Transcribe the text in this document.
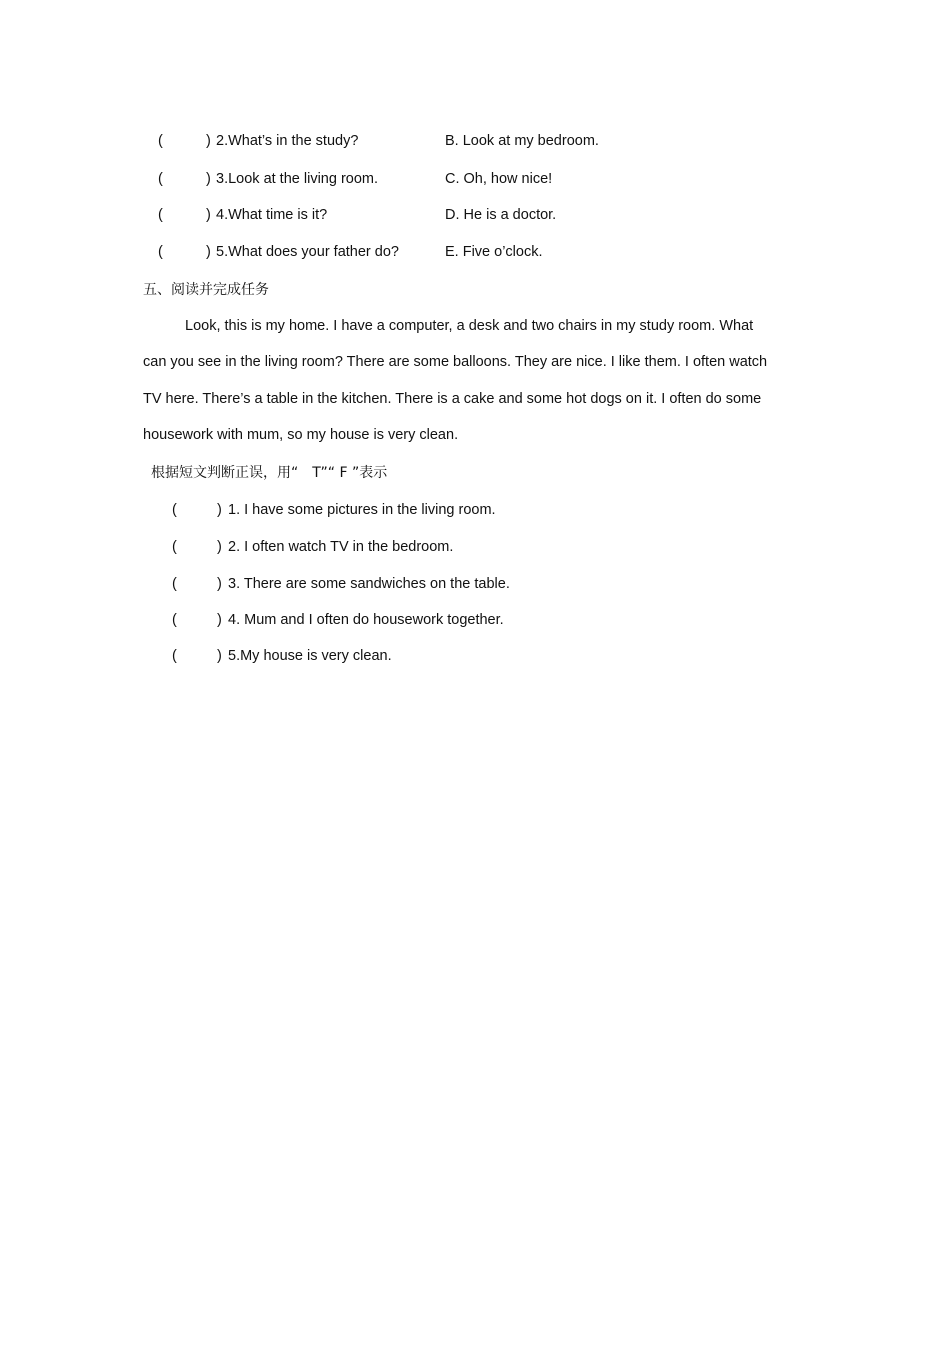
(	) 2.What’s in the study?	B. Look at my bedroom.
(	) 3.Look at the living room.	C. Oh, how nice!
(	) 4.What time is it?	D. He is a doctor.
(	) 5.What does your father do?	E. Five o’clock.
五、阅读并完成任务
Look, this is my home. I have a computer, a desk and two chairs in my study room. What
can you see in the living room? There are some balloons. They are nice. I like them. I often watch
TV here. There’s a table in the kitchen. There is a cake and some hot dogs on it. I often do some
housework with mum, so my house is very clean.
根据短文判断正误，用“　T”“ F ”表示
(	) 1. I have some pictures in the living room.
(	) 2. I often watch TV in the bedroom.
(	) 3. There are some sandwiches on the table.
(	) 4. Mum and I often do housework together.
(	) 5.My house is very clean.
